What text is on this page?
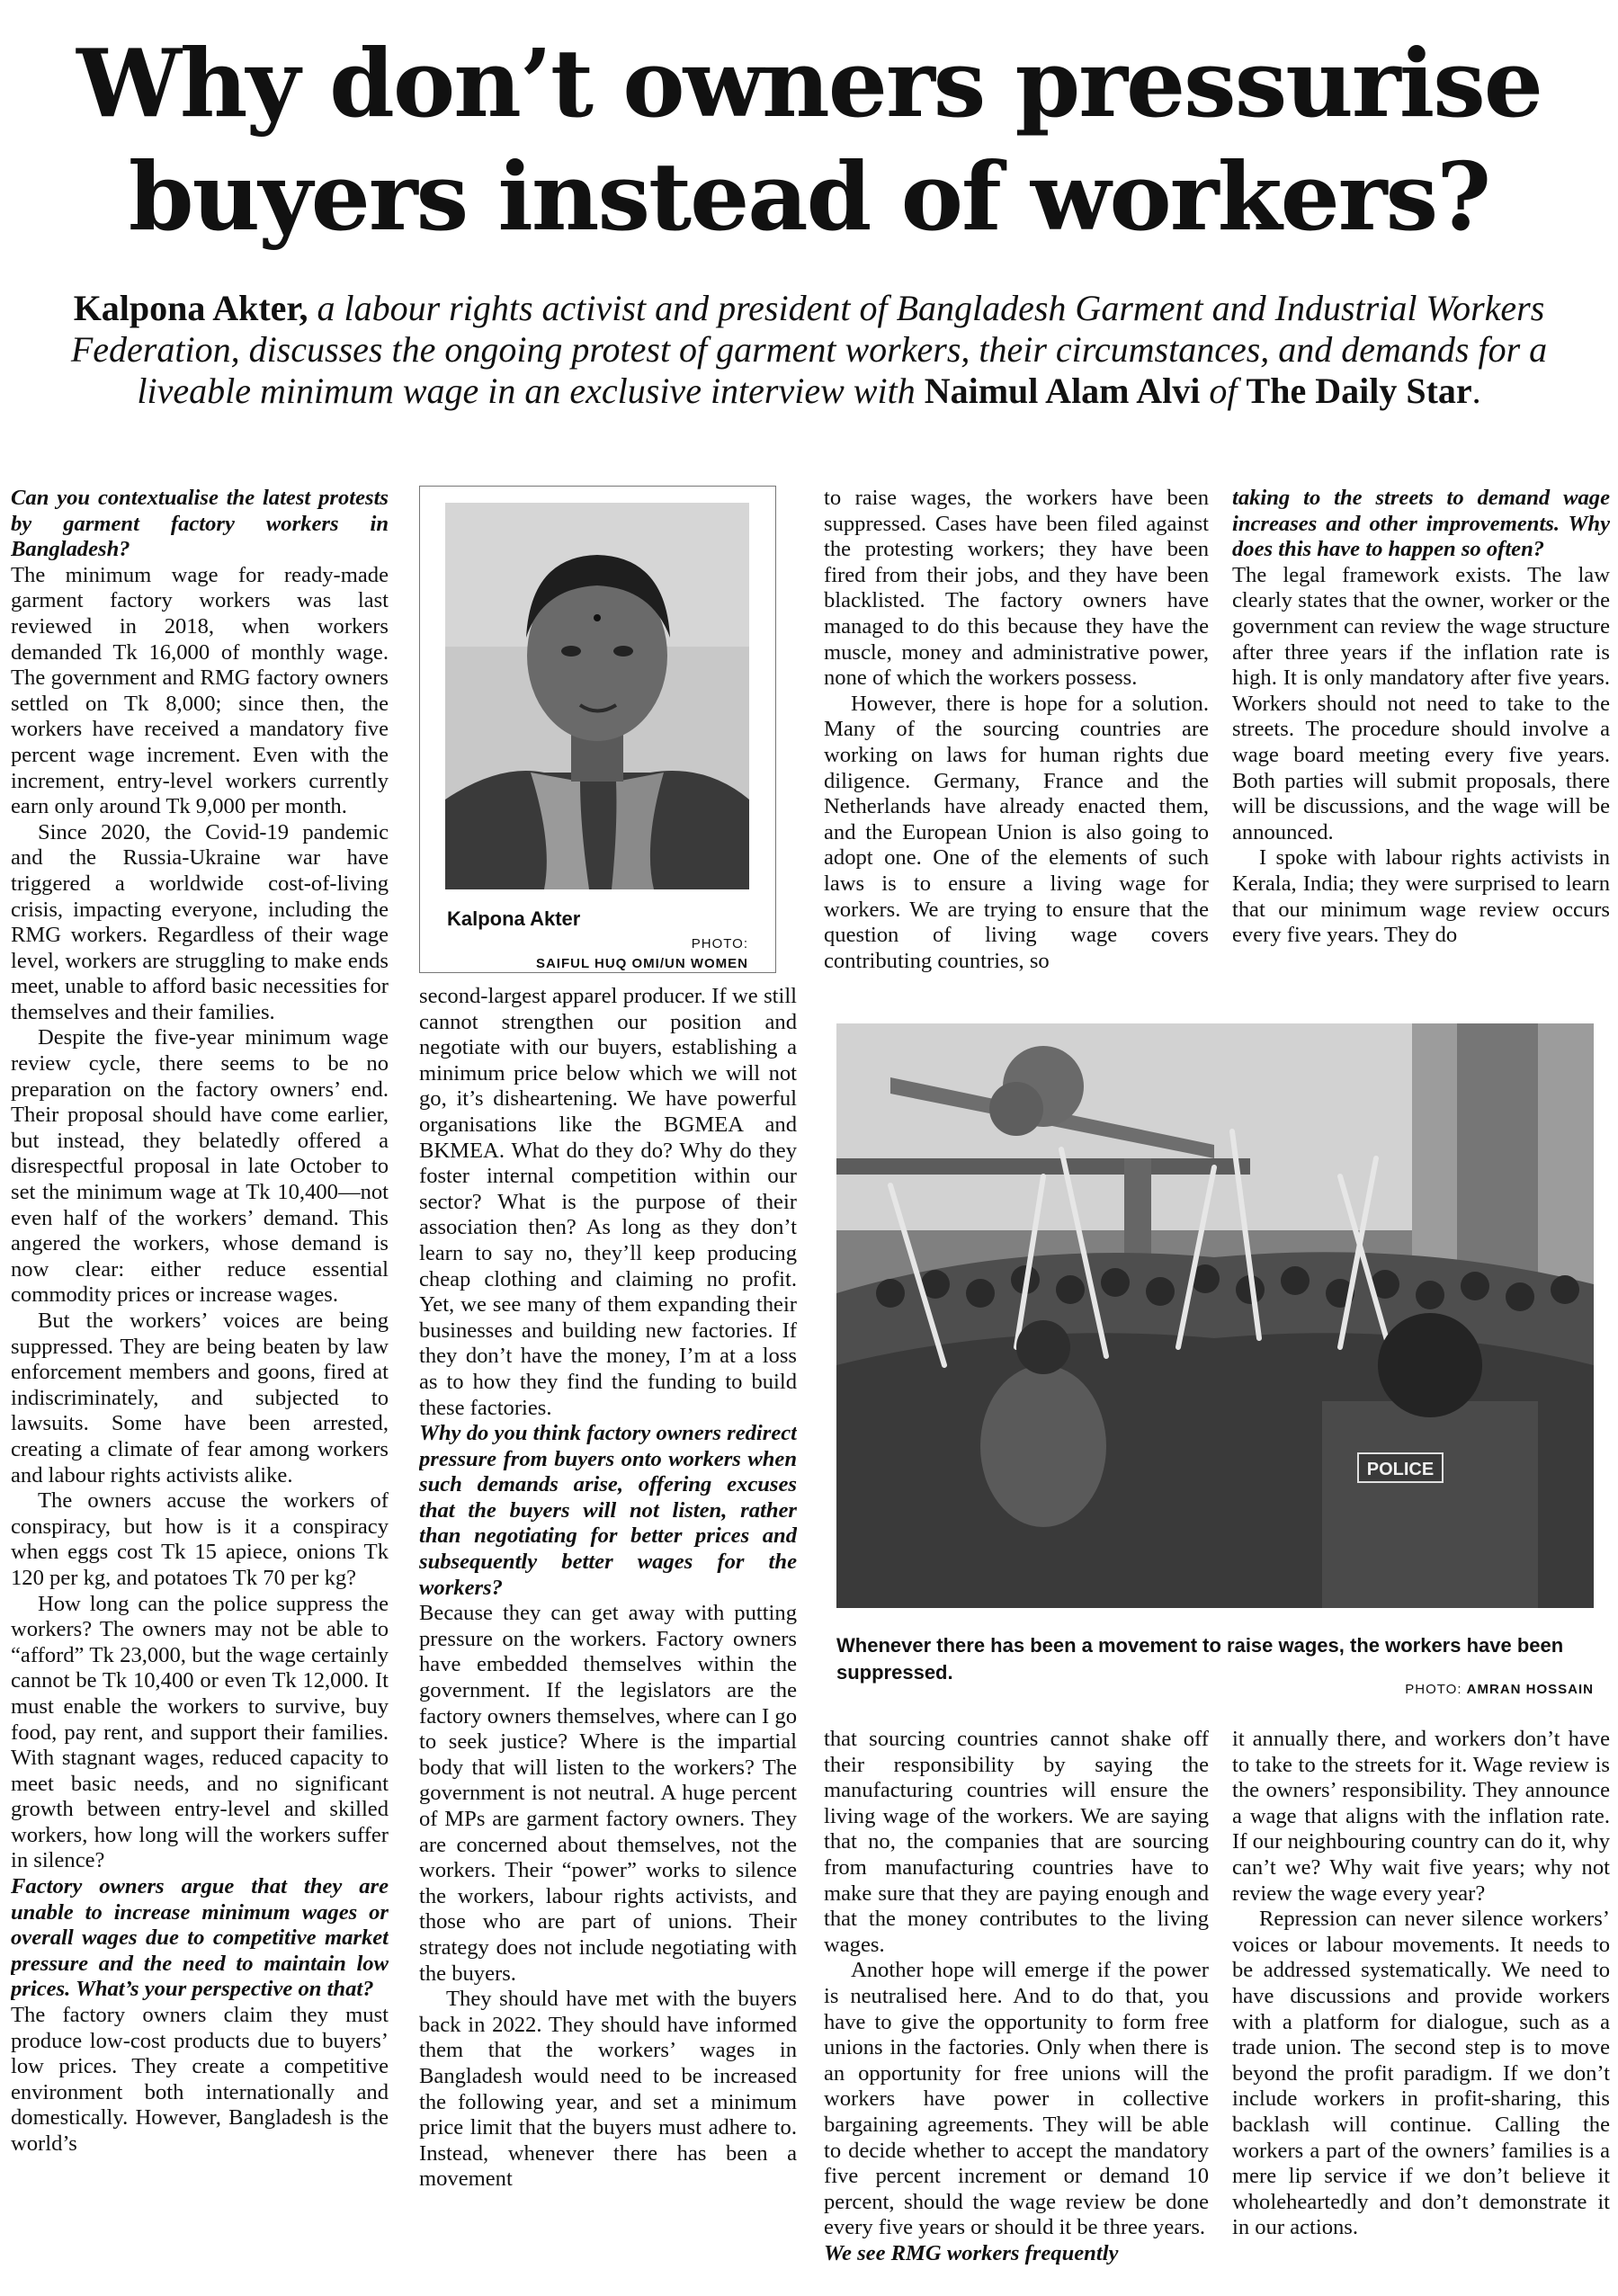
Why don’t owners pressurise
buyers instead of workers?

Kalpona Akter, a labour rights activist and president of Bangladesh Garment and Industrial Workers Federation, discusses the ongoing protest of garment workers, their circumstances, and demands for a liveable minimum wage in an exclusive interview with Naimul Alam Alvi of The Daily Star.

Can you contextualise the latest protests by garment factory workers in Bangladesh?

The minimum wage for ready-made garment factory workers was last reviewed in 2018, when workers demanded Tk 16,000 of monthly wage. The government and RMG factory owners settled on Tk 8,000; since then, the workers have received a mandatory five percent wage increment. Even with the increment, entry-level workers currently earn only around Tk 9,000 per month.

Since 2020, the Covid-19 pandemic and the Russia-Ukraine war have triggered a worldwide cost-of-living crisis, impacting everyone, including the RMG workers. Regardless of their wage level, workers are struggling to make ends meet, unable to afford basic necessities for themselves and their families.

Despite the five-year minimum wage review cycle, there seems to be no preparation on the factory owners’ end. Their proposal should have come earlier, but instead, they belatedly offered a disrespectful proposal in late October to set the minimum wage at Tk 10,400—not even half of the workers’ demand. This angered the workers, whose demand is now clear: either reduce essential commodity prices or increase wages.

But the workers’ voices are being suppressed. They are being beaten by law enforcement members and goons, fired at indiscriminately, and subjected to lawsuits. Some have been arrested, creating a climate of fear among workers and labour rights activists alike.

The owners accuse the workers of conspiracy, but how is it a conspiracy when eggs cost Tk 15 apiece, onions Tk 120 per kg, and potatoes Tk 70 per kg?

How long can the police suppress the workers? The owners may not be able to “afford” Tk 23,000, but the wage certainly cannot be Tk 10,400 or even Tk 12,000. It must enable the workers to survive, buy food, pay rent, and support their families. With stagnant wages, reduced capacity to meet basic needs, and no significant growth between entry-level and skilled workers, how long will the workers suffer in silence?

Factory owners argue that they are unable to increase minimum wages or overall wages due to competitive market pressure and the need to maintain low prices. What’s your perspective on that?

The factory owners claim they must produce low-cost products due to buyers’ low prices. They create a competitive environment both internationally and domestically. However, Bangladesh is the world’s

second-largest apparel producer. If we still cannot strengthen our position and negotiate with our buyers, establishing a minimum price below which we will not go, it’s disheartening. We have powerful organisations like the BGMEA and BKMEA. What do they do? Why do they foster internal competition within our sector? What is the purpose of their association then? As long as they don’t learn to say no, they’ll keep producing cheap clothing and claiming no profit. Yet, we see many of them expanding their businesses and building new factories. If they don’t have the money, I’m at a loss as to how they find the funding to build these factories.

Why do you think factory owners redirect pressure from buyers onto workers when such demands arise, offering excuses that the buyers will not listen, rather than negotiating for better prices and subsequently better wages for the workers?

Because they can get away with putting pressure on the workers. Factory owners have embedded themselves within the government. If the legislators are the factory owners themselves, where can I go to seek justice? Where is the impartial body that will listen to the workers? The government is not neutral. A huge percent of MPs are garment factory owners. They are concerned about themselves, not the workers. Their “power” works to silence the workers, labour rights activists, and those who are part of unions. Their strategy does not include negotiating with the buyers.

They should have met with the buyers back in 2022. They should have informed them that the workers’ wages in Bangladesh would need to be increased the following year, and set a minimum price limit that the buyers must adhere to. Instead, whenever there has been a movement

to raise wages, the workers have been suppressed. Cases have been filed against the protesting workers; they have been fired from their jobs, and they have been blacklisted. The factory owners have managed to do this because they have the muscle, money and administrative power, none of which the workers possess.

However, there is hope for a solution. Many of the sourcing countries are working on laws for human rights due diligence. Germany, France and the Netherlands have already enacted them, and the European Union is also going to adopt one. One of the elements of such laws is to ensure a living wage for workers. We are trying to ensure that the question of living wage covers contributing countries, so

taking to the streets to demand wage increases and other improvements. Why does this have to happen so often?

The legal framework exists. The law clearly states that the owner, worker or the government can review the wage structure after three years if the inflation rate is high. It is only mandatory after five years. Workers should not need to take to the streets. The procedure should involve a wage board meeting every five years. Both parties will submit proposals, there will be discussions, and the wage will be announced.

I spoke with labour rights activists in Kerala, India; they were surprised to learn that our minimum wage review occurs every five years. They do

that sourcing countries cannot shake off their responsibility by saying the manufacturing countries will ensure the living wage of the workers. We are saying that no, the companies that are sourcing from manufacturing countries have to make sure that they are paying enough and that the money contributes to the living wages.

Another hope will emerge if the power is neutralised here. And to do that, you have to give the opportunity to form free unions in the factories. Only when there is an opportunity for free unions will the workers have power in collective bargaining agreements. They will be able to decide whether to accept the mandatory five percent increment or demand 10 percent, should the wage review be done every five years or should it be three years.

We see RMG workers frequently

it annually there, and workers don’t have to take to the streets for it. Wage review is the owners’ responsibility. They announce a wage that aligns with the inflation rate. If our neighbouring country can do it, why can’t we? Why wait five years; why not review the wage every year?

Repression can never silence workers’ voices or labour movements. It needs to be addressed systematically. We need to have discussions and provide workers with a platform for dialogue, such as a trade union. The second step is to move beyond the profit paradigm. If we don’t include workers in profit-sharing, this backlash will continue. Calling the workers a part of the owners’ families is a mere lip service if we don’t believe it wholeheartedly and don’t demonstrate it in our actions.

Kalpona Akter
PHOTO:
SAIFUL HUQ OMI/UN WOMEN
POLICE
Whenever there has been a movement to raise wages, the workers have been suppressed.
PHOTO: AMRAN HOSSAIN
